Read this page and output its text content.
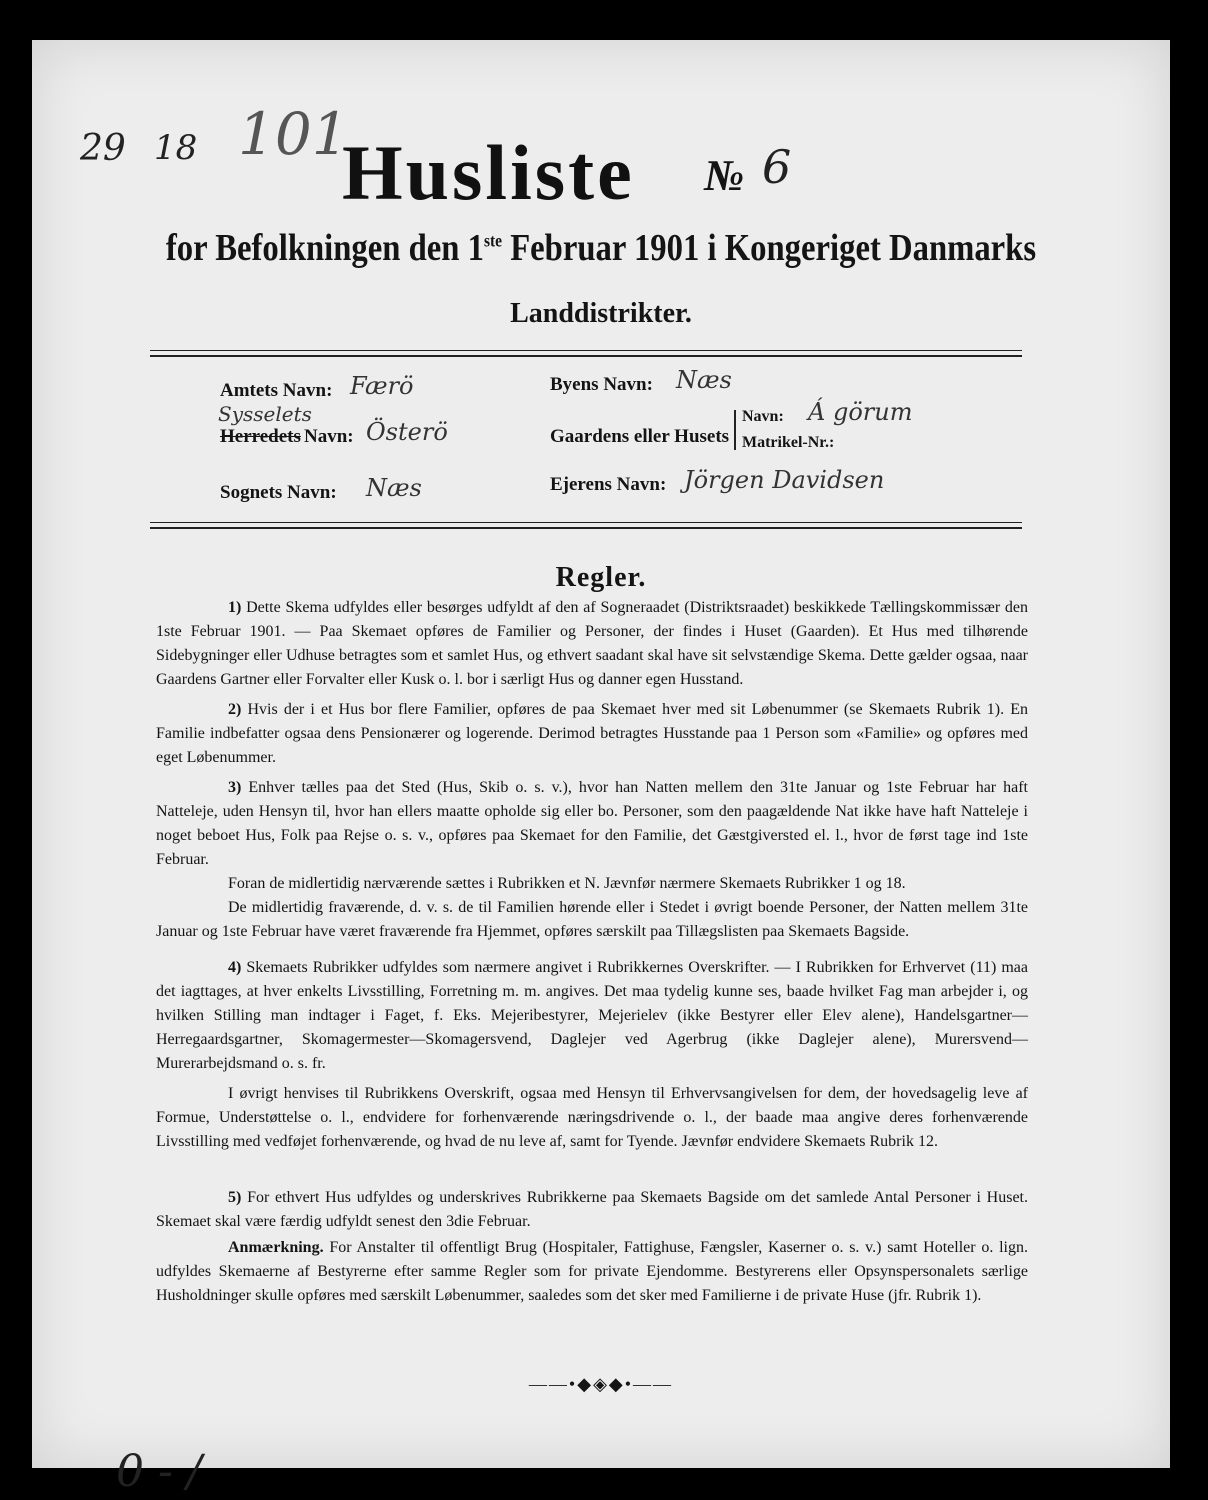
29 18 101
Husliste № 6
for Befolkningen den 1ste Februar 1901 i Kongeriget Danmarks
Landdistrikter.
Amtets Navn: Færö
Sysselets
Herredets Navn: Österö
Sognets Navn: Næs
Byens Navn: Næs
Gaardens eller Husets
Navn: Á görum
Matrikel-Nr.:
Ejerens Navn: Jörgen Davidsen
Regler.

1) Dette Skema udfyldes eller besørges udfyldt af den af Sogneraadet (Distriktsraadet) beskikkede Tællingskommissær den 1ste Februar 1901. — Paa Skemaet opføres de Familier og Personer, der findes i Huset (Gaarden). Et Hus med tilhørende Sidebygninger eller Udhuse betragtes som et samlet Hus, og ethvert saadant skal have sit selvstændige Skema. Dette gælder ogsaa, naar Gaardens Gartner eller Forvalter eller Kusk o. l. bor i særligt Hus og danner egen Husstand.

2) Hvis der i et Hus bor flere Familier, opføres de paa Skemaet hver med sit Løbenummer (se Skemaets Rubrik 1). En Familie indbefatter ogsaa dens Pensionærer og logerende. Derimod betragtes Husstande paa 1 Person som «Familie» og opføres med eget Løbenummer.

3) Enhver tælles paa det Sted (Hus, Skib o. s. v.), hvor han Natten mellem den 31te Januar og 1ste Februar har haft Natteleje, uden Hensyn til, hvor han ellers maatte opholde sig eller bo. Personer, som den paagældende Nat ikke have haft Natteleje i noget beboet Hus, Folk paa Rejse o. s. v., opføres paa Skemaet for den Familie, det Gæstgiversted el. l., hvor de først tage ind 1ste Februar.

Foran de midlertidig nærværende sættes i Rubrikken et N. Jævnfør nærmere Skemaets Rubrikker 1 og 18.

De midlertidig fraværende, d. v. s. de til Familien hørende eller i Stedet i øvrigt boende Personer, der Natten mellem 31te Januar og 1ste Februar have været fraværende fra Hjemmet, opføres særskilt paa Tillægslisten paa Skemaets Bagside.

4) Skemaets Rubrikker udfyldes som nærmere angivet i Rubrikkernes Overskrifter. — I Rubrikken for Erhvervet (11) maa det iagttages, at hver enkelts Livsstilling, Forretning m. m. angives. Det maa tydelig kunne ses, baade hvilket Fag man arbejder i, og hvilken Stilling man indtager i Faget, f. Eks. Mejeribestyrer, Mejerielev (ikke Bestyrer eller Elev alene), Handelsgartner—Herregaardsgartner, Skomagermester—Skomagersvend, Daglejer ved Agerbrug (ikke Daglejer alene), Murersvend—Murerarbejdsmand o. s. fr.

I øvrigt henvises til Rubrikkens Overskrift, ogsaa med Hensyn til Erhvervsangivelsen for dem, der hovedsagelig leve af Formue, Understøttelse o. l., endvidere for forhenværende næringsdrivende o. l., der baade maa angive deres forhenværende Livsstilling med vedføjet forhenværende, og hvad de nu leve af, samt for Tyende. Jævnfør endvidere Skemaets Rubrik 12.

5) For ethvert Hus udfyldes og underskrives Rubrikkerne paa Skemaets Bagside om det samlede Antal Personer i Huset. Skemaet skal være færdig udfyldt senest den 3die Februar.

Anmærkning. For Anstalter til offentligt Brug (Hospitaler, Fattighuse, Fængsler, Kaserner o. s. v.) samt Hoteller o. lign. udfyldes Skemaerne af Bestyrerne efter samme Regler som for private Ejendomme. Bestyrerens eller Opsynspersonalets særlige Husholdninger skulle opføres med særskilt Løbenummer, saaledes som det sker med Familierne i de private Huse (jfr. Rubrik 1).

——•◆◈◆•——
0 - /
